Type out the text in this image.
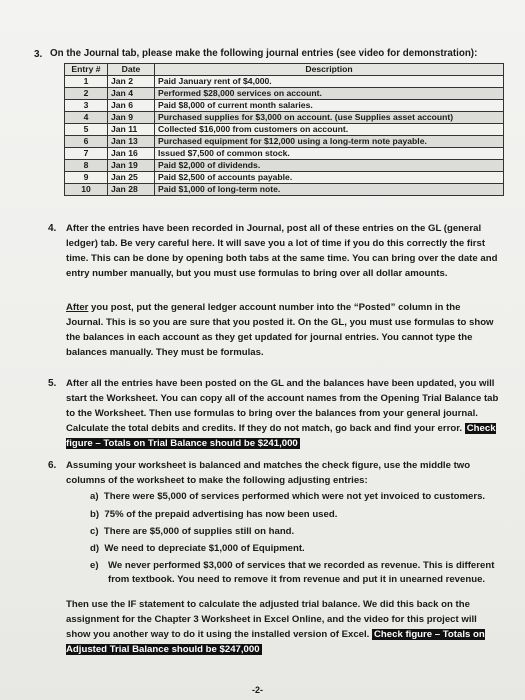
3. On the Journal tab, please make the following journal entries (see video for demonstration):
Entry #	Date	Description
1	Jan 2	Paid January rent of $4,000.
2	Jan 4	Performed $28,000 services on account.
3	Jan 6	Paid $8,000 of current month salaries.
4	Jan 9	Purchased supplies for $3,000 on account. (use Supplies asset account)
5	Jan 11	Collected $16,000 from customers on account.
6	Jan 13	Purchased equipment for $12,000 using a long-term note payable.
7	Jan 16	Issued $7,500 of common stock.
8	Jan 19	Paid $2,000 of dividends.
9	Jan 25	Paid $2,500 of accounts payable.
10	Jan 28	Paid $1,000 of long-term note.
4. After the entries have been recorded in Journal, post all of these entries on the GL (general ledger) tab. Be very careful here. It will save you a lot of time if you do this correctly the first time. This can be done by opening both tabs at the same time. You can bring over the date and entry number manually, but you must use formulas to bring over all dollar amounts.
After you post, put the general ledger account number into the “Posted” column in the Journal. This is so you are sure that you posted it. On the GL, you must use formulas to show the balances in each account as they get updated for journal entries. You cannot type the balances manually. They must be formulas.
5. After all the entries have been posted on the GL and the balances have been updated, you will start the Worksheet. You can copy all of the account names from the Opening Trial Balance tab to the Worksheet. Then use formulas to bring over the balances from your general journal. Calculate the total debits and credits. If they do not match, go back and find your error. Check figure – Totals on Trial Balance should be $241,000
6. Assuming your worksheet is balanced and matches the check figure, use the middle two columns of the worksheet to make the following adjusting entries:
a) There were $5,000 of services performed which were not yet invoiced to customers.
b) 75% of the prepaid advertising has now been used.
c) There are $5,000 of supplies still on hand.
d) We need to depreciate $1,000 of Equipment.
e) We never performed $3,000 of services that we recorded as revenue. This is different from textbook. You need to remove it from revenue and put it in unearned revenue.
Then use the IF statement to calculate the adjusted trial balance. We did this back on the assignment for the Chapter 3 Worksheet in Excel Online, and the video for this project will show you another way to do it using the installed version of Excel. Check figure – Totals on Adjusted Trial Balance should be $247,000
-2-
